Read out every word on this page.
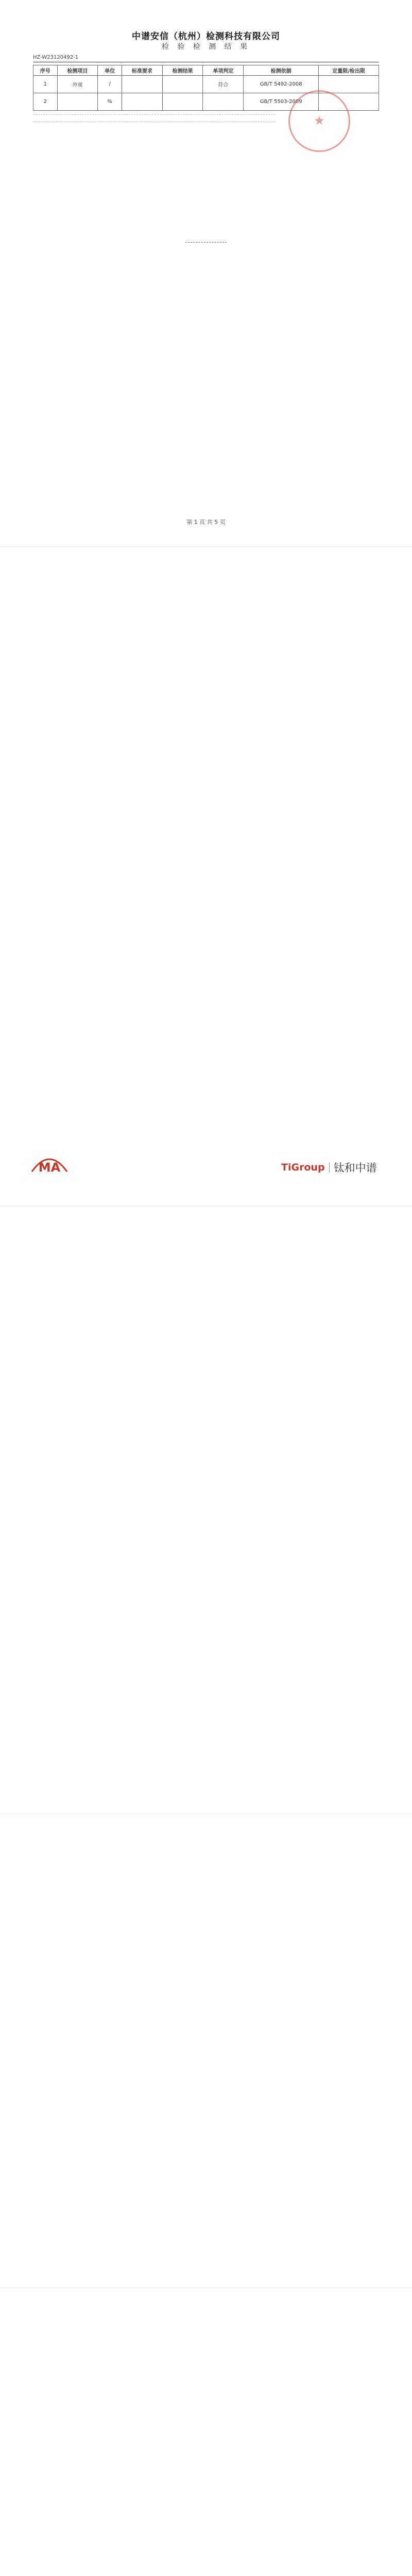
中谱安信（杭州）检测科技有限公司
检 验 检 测 结 果
HZ-W23120492-1
序号	检测项目	单位	标准要求	检测结果	单项判定	检测依据	定量限/检出限
1	外观	/			符合	GB/T 5492-2008	
2		%				GB/T 5503-2009	
★
第 1 页 共 5 页
MA	TiGroup 钛和中谱
